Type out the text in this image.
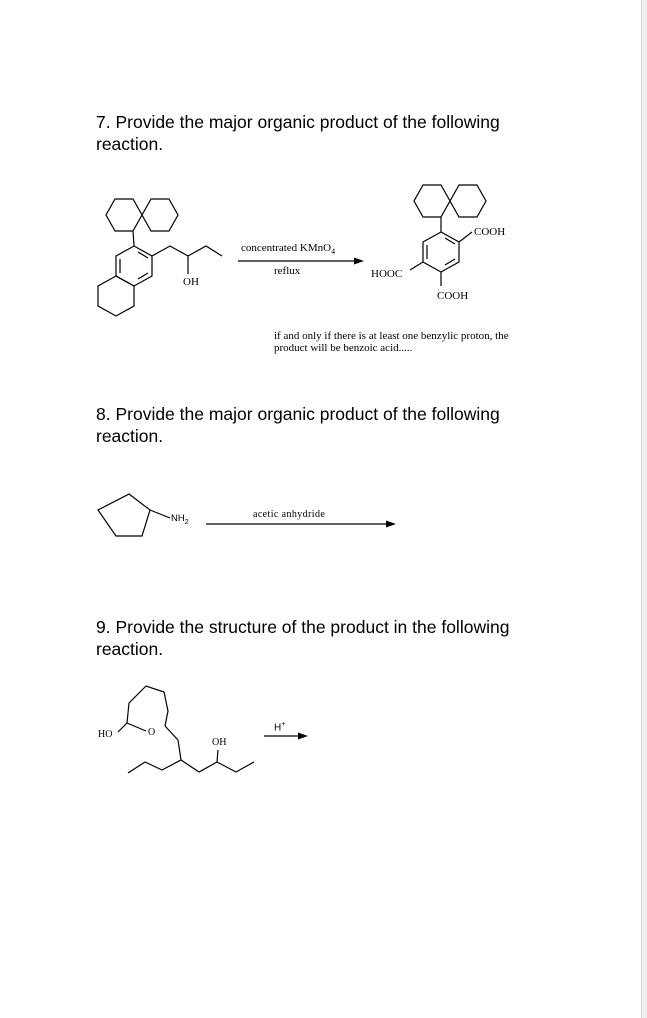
7. Provide the major organic product of the following
reaction.
OH
concentrated KMnO$_4$
reflux
COOH
HOOC
COOH
if and only if there is at least one benzylic proton, the
product will be benzoic acid.....
8. Provide the major organic product of the following
reaction.
$NH_2$
acetic anhydride
9. Provide the structure of the product in the following
reaction.
HO	O
OH
H+
